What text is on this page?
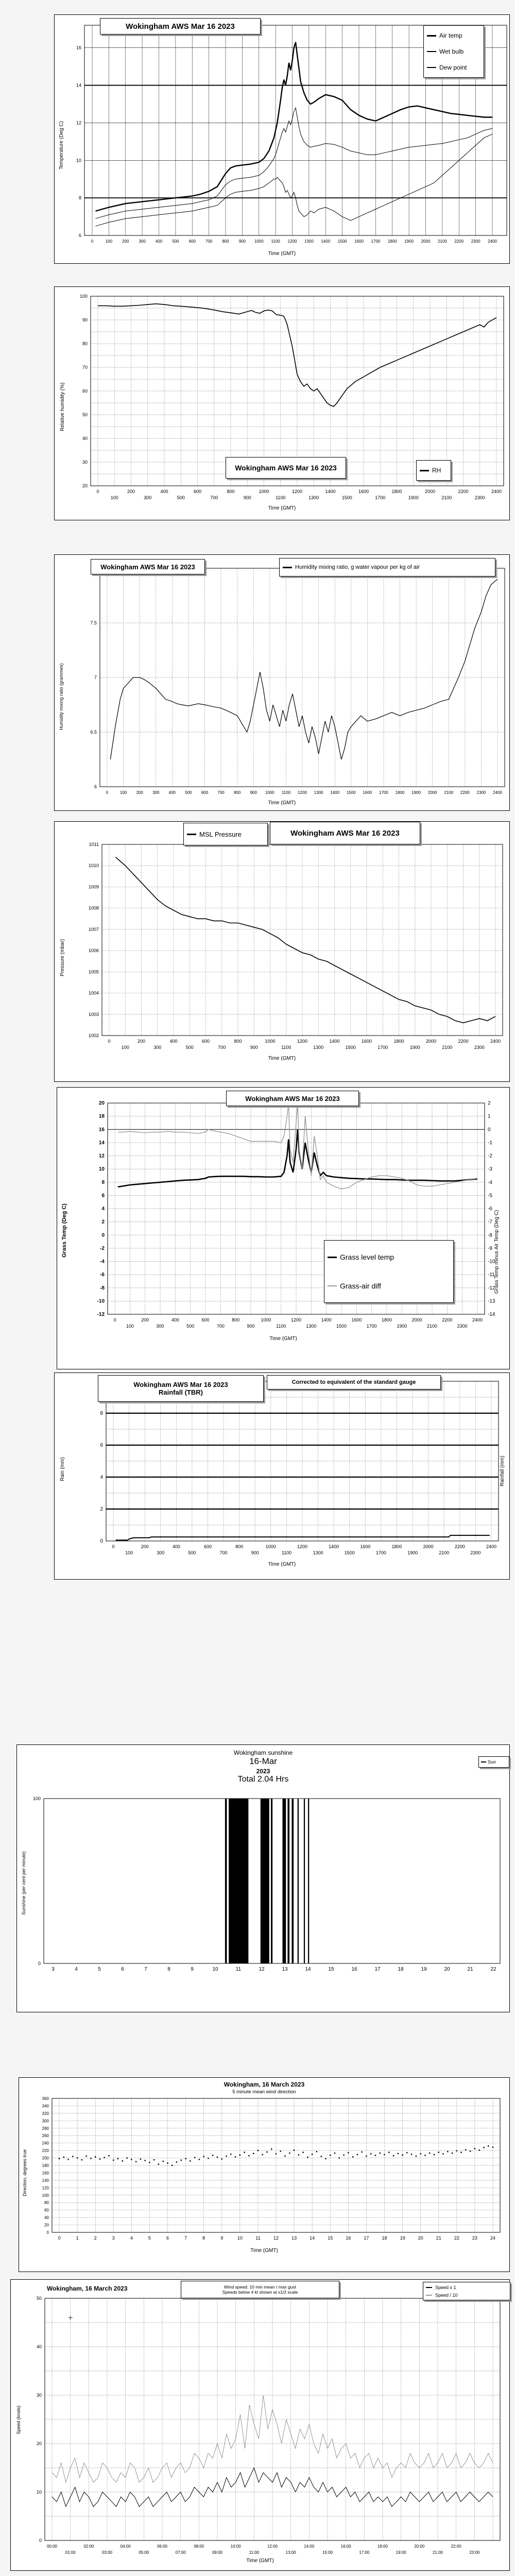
6
8
10
12
14
16
0	100 200 300 400 500 600 700 800 900 1000 1100 1200 1300 1400 1500 1600 1700 1800 1900 2000 2100 2200 2300 2400
Wokingham AWS Mar 16 2023
Air temp
Wet bulb
Dew point
Temperature (Deg C)
Time (GMT)
20
30
40
50
60
70
80
90
100
0
100
200
300
400
500
600
700
800
900
1000
1100
1200
1300
1400
1500
1600
1700
1800
1900
2000
2100
2200
2300
2400
Wokingham AWS Mar 16 2023	RH
Relative humidity (%)
Time (GMT)
6
6.5
7
7.5
0	100 200 300 400 500 600 700 800 900 1000 1100 1200 1300 1400 1500 1600 1700 1800 1900 2000 2100 2200 2300 2400
Wokingham AWS Mar 16 2023	Humidity mixing ratio, g water vapour per kg of air
Humidity mixing ratio (grammes)
Time (GMT)
1002
1003
1004
1005
1006
1007
1008
1009
1010
1011
0
100
200
300
400
500
600
700
800
900
1000
1100
1200
1300
1400
1500
1600
1700
1800
1900
2000
2100
2200
2300
2400
MSL Pressure	Wokingham AWS Mar 16 2023
Pressure (mbar)
Time (GMT)
-12
-10
-8
-6
-4
-2
0
2
4
6
8
10
12
14
16
18
20
-14
-13
-12
-11
-10
-9
-8
-7
-6
-5
-4
-3
-2
-1
0
1
2
0
100
200
300
400
500
600
700
800
900
1000
1100
1200
1300
1400
1500
1600
1700
1800
1900
2000
2100
2200
2300
2400
Wokingham AWS Mar 16 2023
Grass level temp
Grass-air diff
Grass Temp (Deg C)	Grass Temp minus Air Temp (Deg C)
Time (GMT)
0
2
4
6
8
0
100
200
300
400
500
600
700
800
900
1000
1100
1200
1300
1400
1500
1600
1700
1800
1900
2000
2100
2200
2300
2400
Wokingham AWS Mar 16 2023
Rainfall (TBR)
Corrected to equivalent of the standard gauge
Rain (mm)	Rainfall (mm)
Time (GMT)
0
100
3	4	5	6	7	8	9	10	11	12	13	14	15	16	17	18	19	20	21	22
Wokingham sunshine
16-Mar
2023
Total 2.04 Hrs
Sun
Sunshine (per cent per minute)
0
20
40
60
80
100
120
140
160
180
200
220
240
260
280
300
320
340
360
0	1	2	3	4	5	6	7	8	9	10	11	12	13	14	15	16	17	18	19	20	21	22	23	24
Wokingham, 16 March 2023
5 minute mean wind direction
Direction, degrees true
Time (GMT)
0
10
20
30
40
50
00:00
01:00
02:00
03:00
04:00
05:00
06:00
07:00
08:00
09:00
10:00
11:00
12:00
13:00
14:00
15:00
16:00
17:00
18:00
19:00
20:00
21:00
22:00
23:00
Wokingham, 16 March 2023	Wind speed: 10 min mean / max gust
Speeds below 4 kt shown at x1/2 scale
Speed x 1
Speed / 10
Speed (knots)
Time (GMT)
